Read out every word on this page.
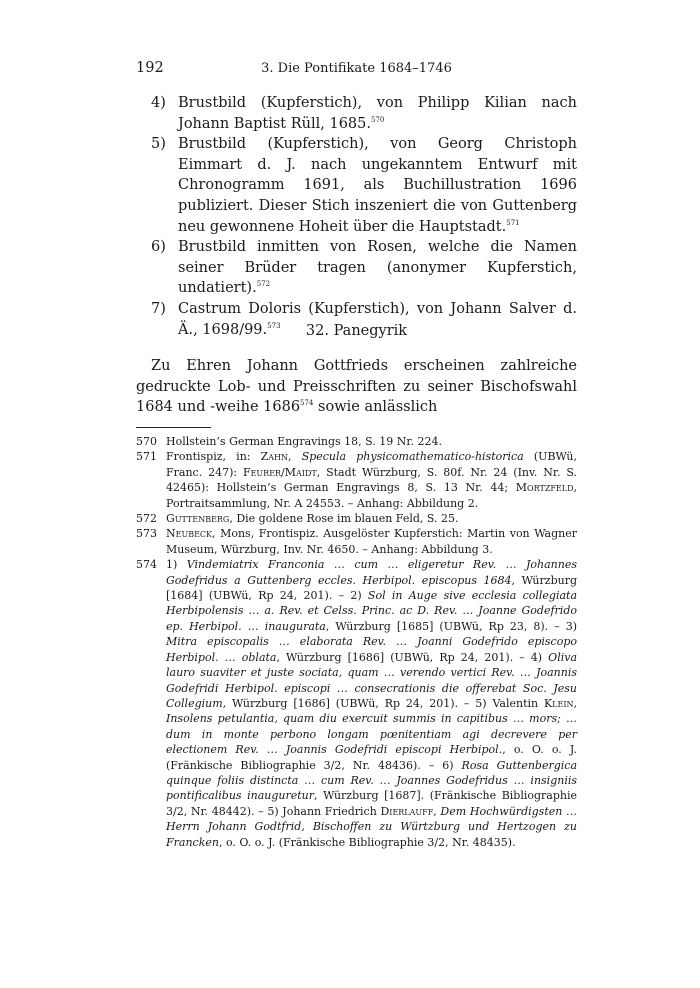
192	3. Die Pontifikate 1684–1746
4) Brustbild (Kupferstich), von Philipp Kilian nach Johann Baptist Rüll, 1685.$^{570}$
5) Brustbild (Kupferstich), von Georg Christoph Eimmart d. J. nach ungekanntem Entwurf mit Chronogramm 1691, als Buchillustration 1696 publiziert. Dieser Stich inszeniert die von Guttenberg neu gewonnene Hoheit über die Hauptstadt.$^{571}$
6) Brustbild inmitten von Rosen, welche die Namen seiner Brüder tragen (anonymer Kupferstich, undatiert).$^{572}$
7) Castrum Doloris (Kupferstich), von Johann Salver d. Ä., 1698/99.$^{573}$	32. Panegyrik
Zu Ehren Johann Gottfrieds erscheinen zahlreiche gedruckte Lob- und Preisschriften zu seiner Bischofswahl 1684 und -weihe 1686$^{574}$ sowie anlässlich
570 Hollstein’s German Engravings 18, S. 19 Nr. 224.
571 Frontispiz, in: Zahn, Specula physicomathematico-historica (UBWü, Franc. 247): Feurer/Maidt, Stadt Würzburg, S. 80f. Nr. 24 (Inv. Nr. S. 42465): Hollstein’s German Engravings 8, S. 13 Nr. 44; Mortzfeld, Portraitsammlung, Nr. A 24553. – Anhang: Abbildung 2.
572 Guttenberg, Die goldene Rose im blauen Feld, S. 25.
573 Neubeck, Mons, Frontispiz. Ausgelöster Kupferstich: Martin von Wagner Museum, Würzburg, Inv. Nr. 4650. – Anhang: Abbildung 3.
574 1) Vindemiatrix Franconia … cum … eligeretur Rev. … Johannes Godefridus a Guttenberg eccles. Herbipol. episcopus 1684, Würzburg [1684] (UBWü, Rp 24, 201). – 2) Sol in Auge sive ecclesia collegiata Herbipolensis … a. Rev. et Celss. Princ. ac D. Rev. … Joanne Godefrido ep. Herbipol. … inaugurata, Würzburg [1685] (UBWü, Rp 23, 8). – 3) Mitra episcopalis … elaborata Rev. … Joanni Godefrido episcopo Herbipol. … oblata, Würzburg [1686] (UBWü, Rp 24, 201). – 4) Oliva lauro suaviter et juste sociata, quam … verendo vertici Rev. … Joannis Godefridi Herbipol. episcopi … consecrationis die offerebat Soc. Jesu Collegium, Würzburg [1686] (UBWü, Rp 24, 201). – 5) Valentin Klein, Insolens petulantia, quam diu exercuit summis in capitibus … mors; … dum in monte perbono longam pœnitentiam agi decrevere per electionem Rev. … Joannis Godefridi episcopi Herbipol., o. O. o. J. (Fränkische Bibliographie 3/2, Nr. 48436). – 6) Rosa Guttenbergica quinque foliis distincta … cum Rev. … Joannes Godefridus … insigniis pontificalibus inauguretur, Würzburg [1687]. (Fränkische Bibliographie 3/2, Nr. 48442). – 5) Johann Friedrich Dierlauff, Dem Hochwürdigsten … Herrn Johann Godtfrid, Bischoffen zu Würtzburg und Hertzogen zu Francken, o. O. o. J. (Fränkische Bibliographie 3/2, Nr. 48435).
